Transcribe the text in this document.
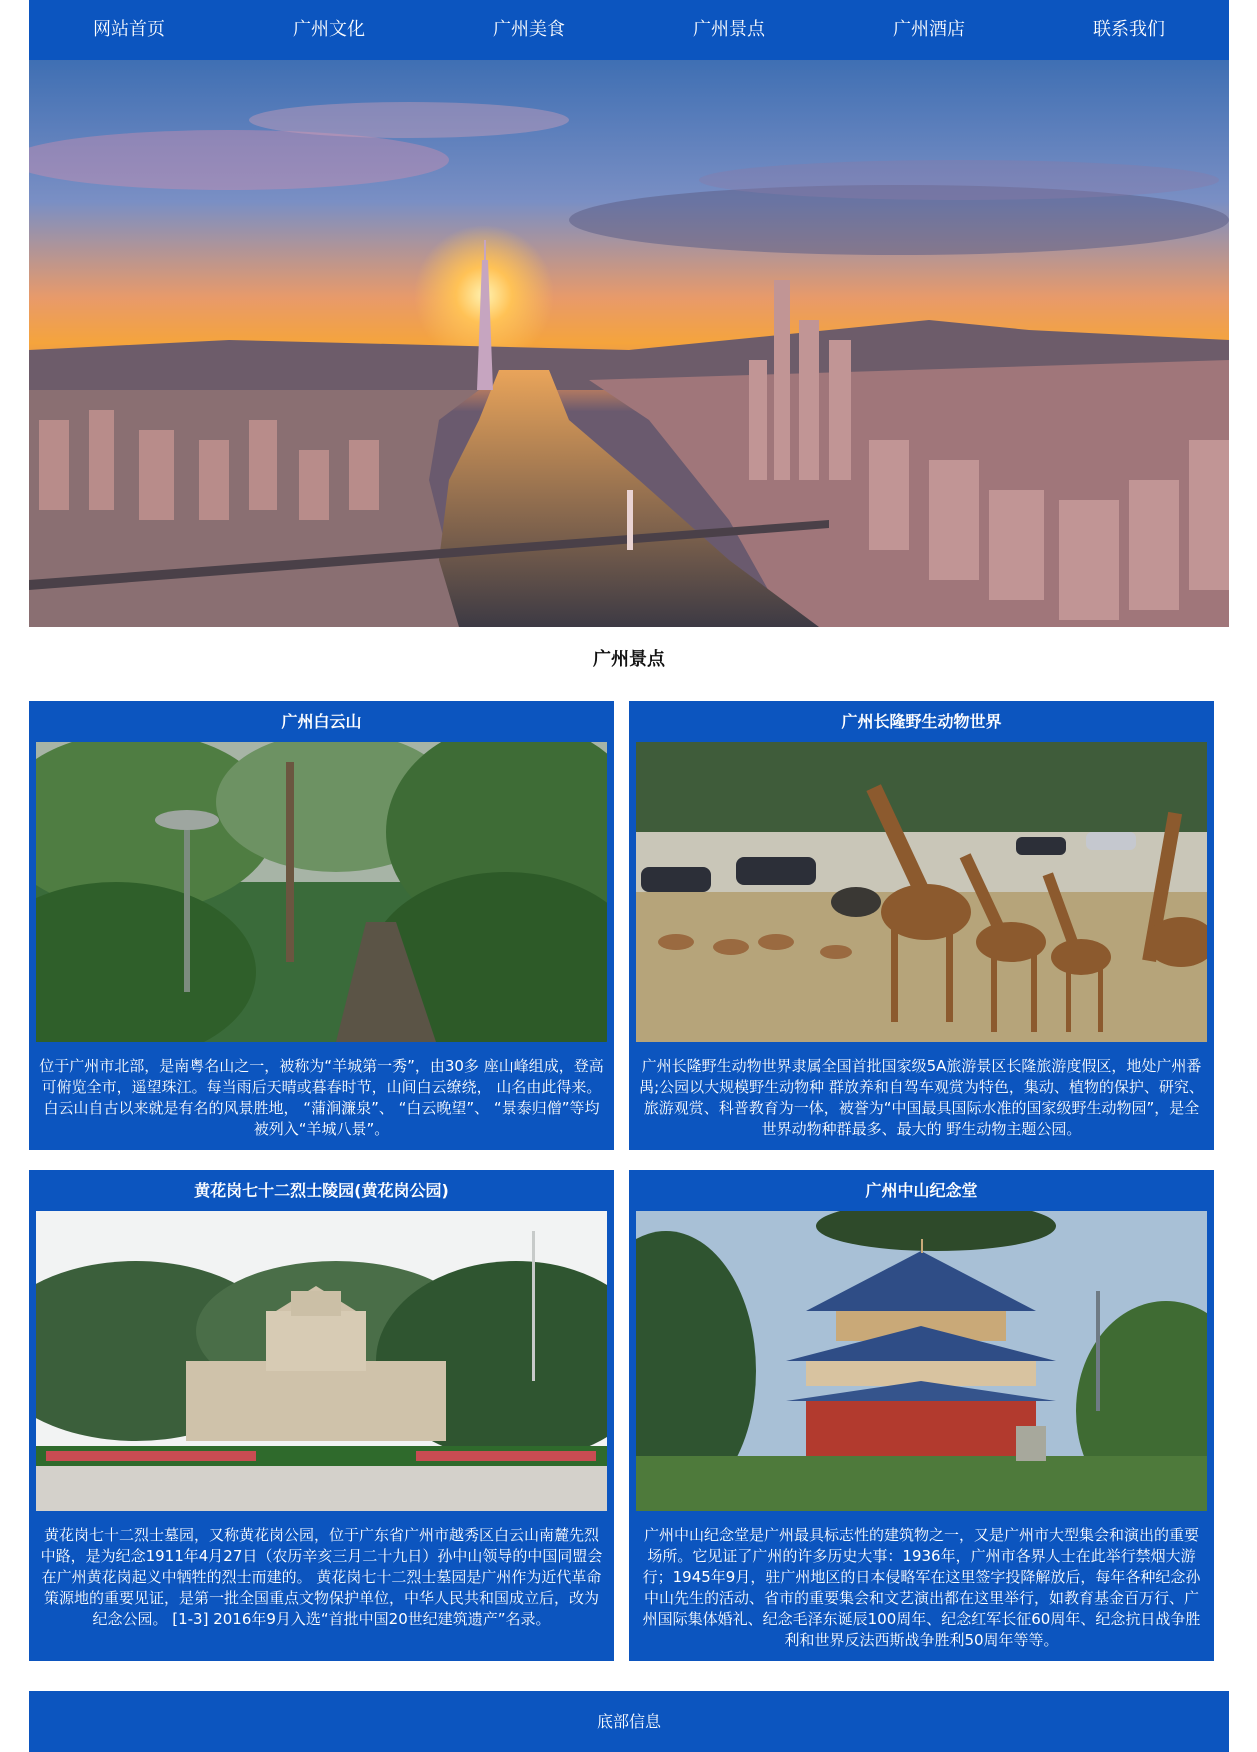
网站首页	广州文化	广州美食	广州景点	广州酒店	联系我们
广州景点
广州白云山
位于广州市北部，是南粤名山之一，被称为“羊城第一秀”，由30多 座山峰组成，登高可俯览全市，遥望珠江。每当雨后天晴或暮春时节，山间白云缭绕， 山名由此得来。白云山自古以来就是有名的风景胜地， “蒲涧濂泉”、 “白云晚望”、 “景泰归僧”等均被列入“羊城八景”。
广州长隆野生动物世界
广州长隆野生动物世界隶属全国首批国家级5A旅游景区长隆旅游度假区，地处广州番禺;公园以大规模野生动物种 群放养和自驾车观赏为特色，集动、植物的保护、研究、旅游观赏、科普教育为一体，被誉为“中国最具国际水准的国家级野生动物园”，是全世界动物种群最多、最大的 野生动物主题公园。
黄花岗七十二烈士陵园(黄花岗公园)
黄花岗七十二烈士墓园，又称黄花岗公园，位于广东省广州市越秀区白云山南麓先烈中路，是为纪念1911年4月27日（农历辛亥三月二十九日）孙中山领导的中国同盟会在广州黄花岗起义中牺牲的烈士而建的。 黄花岗七十二烈士墓园是广州作为近代革命策源地的重要见证，是第一批全国重点文物保护单位，中华人民共和国成立后，改为纪念公园。 [1-3] 2016年9月入选“首批中国20世纪建筑遗产”名录。
广州中山纪念堂
广州中山纪念堂是广州最具标志性的建筑物之一，又是广州市大型集会和演出的重要场所。它见证了广州的许多历史大事：1936年，广州市各界人士在此举行禁烟大游行；1945年9月，驻广州地区的日本侵略军在这里签字投降解放后，每年各种纪念孙中山先生的活动、省市的重要集会和文艺演出都在这里举行，如教育基金百万行、广州国际集体婚礼、纪念毛泽东诞辰100周年、纪念红军长征60周年、纪念抗日战争胜利和世界反法西斯战争胜利50周年等等。
底部信息
